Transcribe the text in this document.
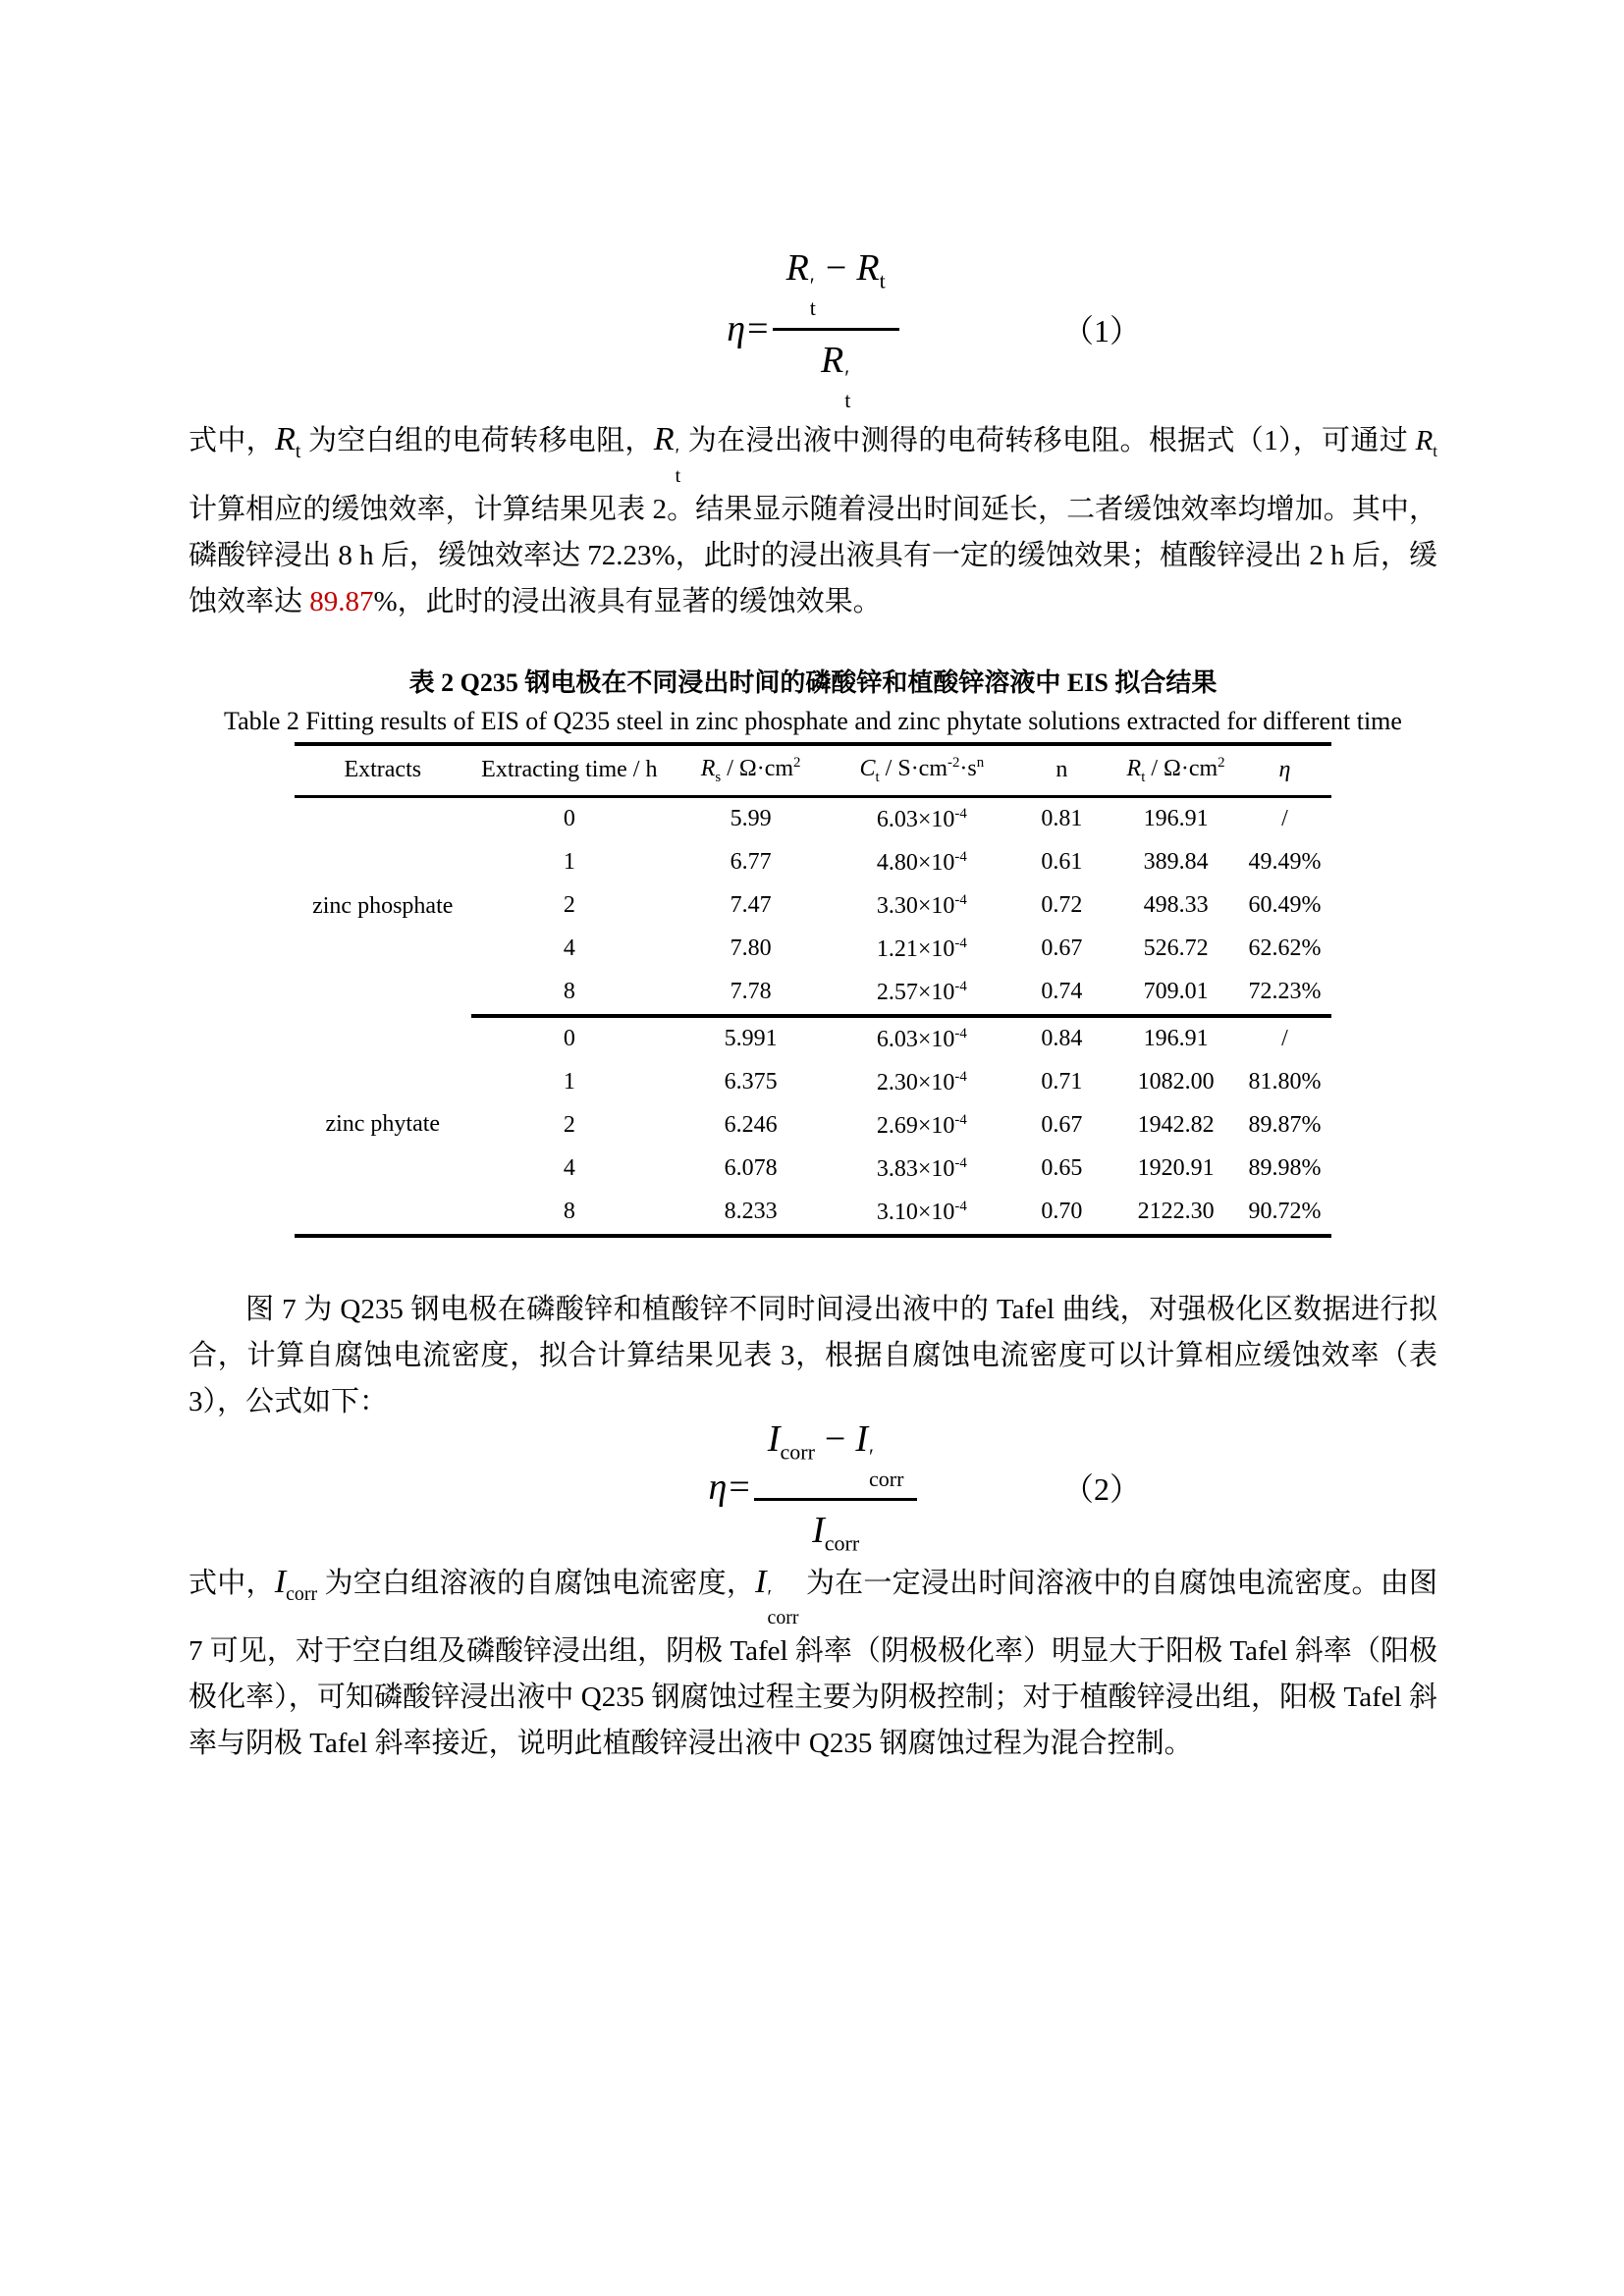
η = R ′
t
− $R_t$
R ′
t	（1）

式中，$R_t$ 为空白组的电荷转移电阻，R ′
t
为在浸出液中测得的电荷转移电阻。根据式（1），可通过 $R_t$ 计算相应的缓蚀效率，计算结果见表 2。结果显示随着浸出时间延长，二者缓蚀效率均增加。其中，磷酸锌浸出 8 h 后，缓蚀效率达 72.23%，此时的浸出液具有一定的缓蚀效果；植酸锌浸出 2 h 后，缓蚀效率达 89.87%，此时的浸出液具有显著的缓蚀效果。

表 2 Q235 钢电极在不同浸出时间的磷酸锌和植酸锌溶液中 EIS 拟合结果
Table 2 Fitting results of EIS of Q235 steel in zinc phosphate and zinc phytate solutions extracted for different time
Extracts	Extracting time / h	$R_s / \Omega\cdot cm^2$	$C_t / S\cdot cm^{-2}\cdot s^n$	n	$R_t / \Omega\cdot cm^2$	η
zinc phosphate	0	5.99	$6.03\times 10^{-4}$	0.81	196.91	/
	1	6.77	$4.80\times 10^{-4}$	0.61	389.84	49.49%
	2	7.47	$3.30\times 10^{-4}$	0.72	498.33	60.49%
	4	7.80	$1.21\times 10^{-4}$	0.67	526.72	62.62%
	8	7.78	$2.57\times 10^{-4}$	0.74	709.01	72.23%
zinc phytate	0	5.991	$6.03\times 10^{-4}$	0.84	196.91	/
	1	6.375	$2.30\times 10^{-4}$	0.71	1082.00	81.80%
	2	6.246	$2.69\times 10^{-4}$	0.67	1942.82	89.87%
	4	6.078	$3.83\times 10^{-4}$	0.65	1920.91	89.98%
	8	8.233	$3.10\times 10^{-4}$	0.70	2122.30	90.72%

图 7 为 Q235 钢电极在磷酸锌和植酸锌不同时间浸出液中的 Tafel 曲线，对强极化区数据进行拟合，计算自腐蚀电流密度，拟合计算结果见表 3，根据自腐蚀电流密度可以计算相应缓蚀效率（表 3），公式如下：

$\eta = I_{corr} - I$ ′
corr
$I_{corr}$	（2）

式中，$I_{corr}$ 为空白组溶液的自腐蚀电流密度，I ′
corr
为在一定浸出时间溶液中的自腐蚀电流密度。由图 7 可见，对于空白组及磷酸锌浸出组，阴极 Tafel 斜率（阴极极化率）明显大于阳极 Tafel 斜率（阳极极化率），可知磷酸锌浸出液中 Q235 钢腐蚀过程主要为阴极控制；对于植酸锌浸出组，阳极 Tafel 斜率与阴极 Tafel 斜率接近，说明此植酸锌浸出液中 Q235 钢腐蚀过程为混合控制。
